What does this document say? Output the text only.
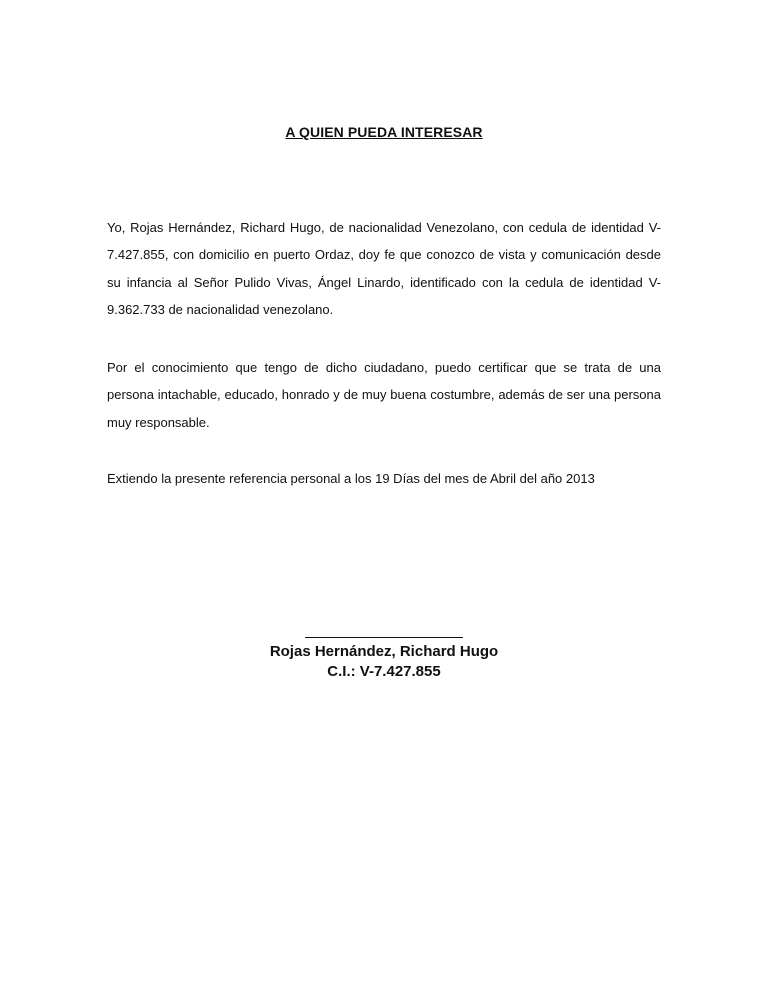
A QUIEN PUEDA INTERESAR

Yo, Rojas Hernández, Richard Hugo, de nacionalidad Venezolano, con cedula de identidad V-7.427.855, con domicilio en puerto Ordaz, doy fe que conozco de vista y comunicación desde su infancia al Señor Pulido Vivas, Ángel Linardo, identificado con la cedula de identidad V-9.362.733 de nacionalidad venezolano.

Por el conocimiento que tengo de dicho ciudadano, puedo certificar que se trata de una persona intachable, educado, honrado y de muy buena costumbre, además de ser una persona muy responsable.

Extiendo la presente referencia personal a los 19 Días del mes de Abril del año 2013

Rojas Hernández, Richard Hugo
C.I.: V-7.427.855
